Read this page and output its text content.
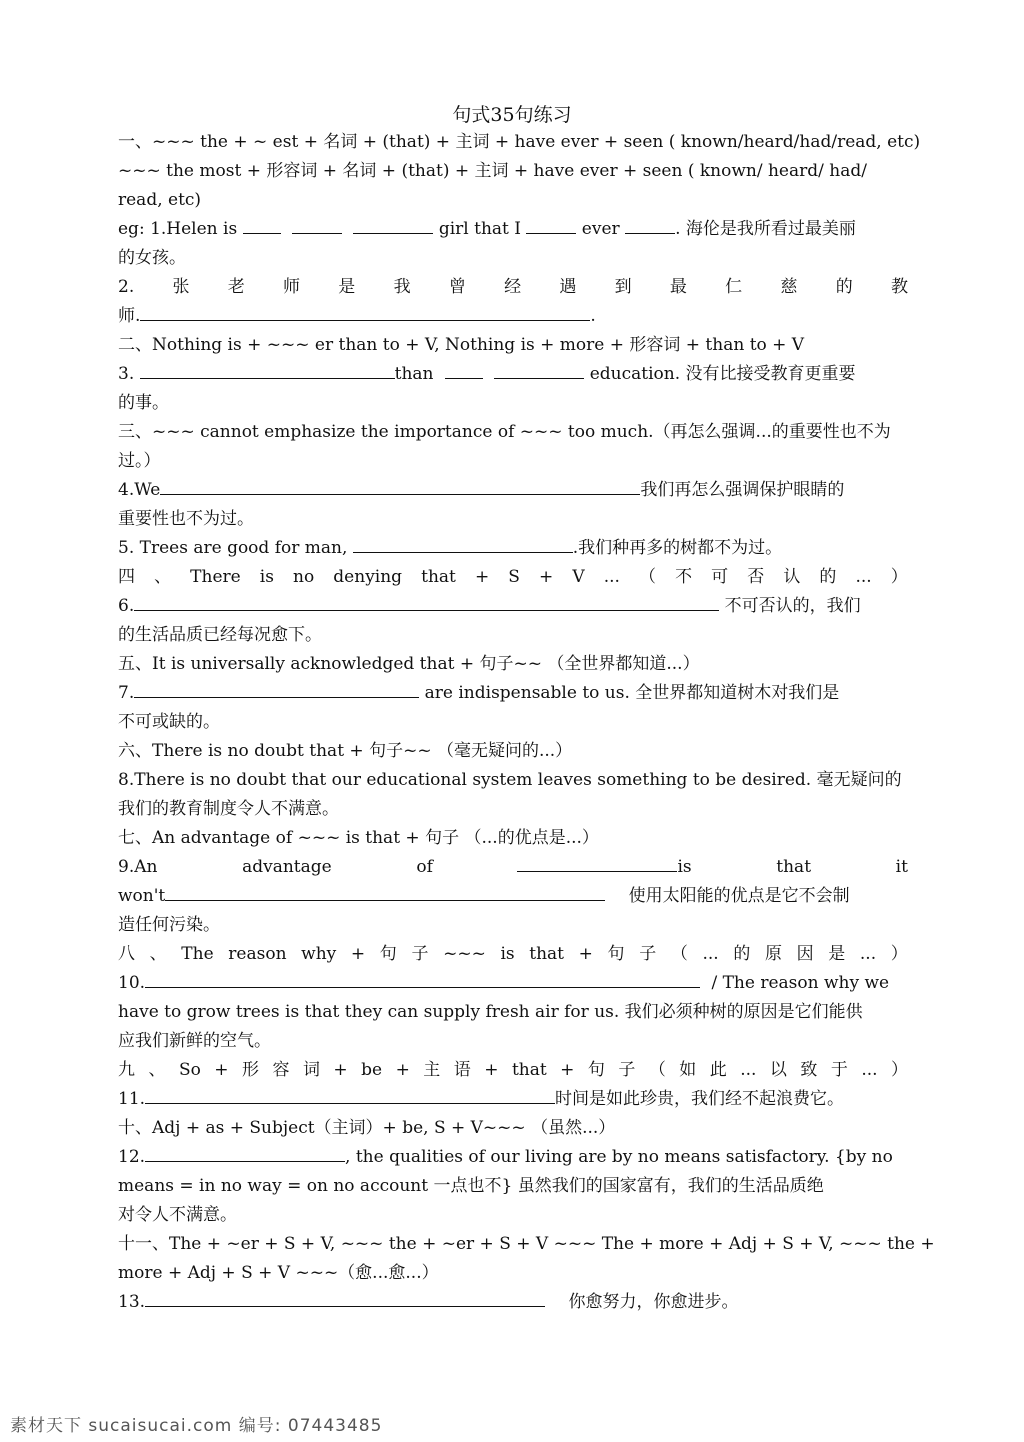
句式35句练习
一、~~~ the + ~ est + 名词 + (that) + 主词 + have ever + seen ( known/heard/had/read, etc)
~~~ the most + 形容词 + 名词 + (that) + 主词 + have ever + seen ( known/ heard/ had/
read, etc)
eg: 1.Helen is	girl that I	ever	. 海伦是我所看过最美丽
的女孩。
2. 张 老 师 是 我 曾 经 遇 到 最 仁 慈 的 教
师.	.
二、Nothing is + ~~~ er than to + V, Nothing is + more + 形容词 + than to + V
3.	than	education. 没有比接受教育更重要
的事。
三、~~~ cannot emphasize the importance of ~~~ too much.（再怎么强调...的重要性也不为
过。）
4.We	我们再怎么强调保护眼睛的
重要性也不为过。
5. Trees are good for man,	.我们种再多的树都不为过。
四 、 There is no denying that + S + V ... （ 不 可 否 认 的 ... ）
6.	不可否认的，我们
的生活品质已经每况愈下。
五、It is universally acknowledged that + 句子~~ （全世界都知道...）
7.	are indispensable to us. 全世界都知道树木对我们是
不可或缺的。
六、There is no doubt that + 句子~~ （毫无疑问的...）
8.There is no doubt that our educational system leaves something to be desired. 毫无疑问的
我们的教育制度令人不满意。
七、An advantage of ~~~ is that + 句子 （...的优点是...）
9.An	advantage	of	is	that	it
won't	使用太阳能的优点是它不会制
造任何污染。
八 、 The reason why + 句 子 ~~~ is that + 句 子 （ ... 的 原 因 是 ... ）
10.	/ The reason why we
have to grow trees is that they can supply fresh air for us. 我们必须种树的原因是它们能供
应我们新鲜的空气。
九 、 So + 形 容 词 + be + 主 语 + that + 句 子 （ 如 此 ... 以 致 于 ... ）
11.	时间是如此珍贵，我们经不起浪费它。
十、Adj + as + Subject（主词）+ be, S + V~~~ （虽然...）
12.	, the qualities of our living are by no means satisfactory. {by no
means = in no way = on no account 一点也不} 虽然我们的国家富有，我们的生活品质绝
对令人不满意。
十一、The + ~er + S + V, ~~~ the + ~er + S + V ~~~ The + more + Adj + S + V, ~~~ the +
more + Adj + S + V ~~~（愈...愈...）
13.	你愈努力，你愈进步。
素材天下 sucaisucai.com 编号: 07443485
